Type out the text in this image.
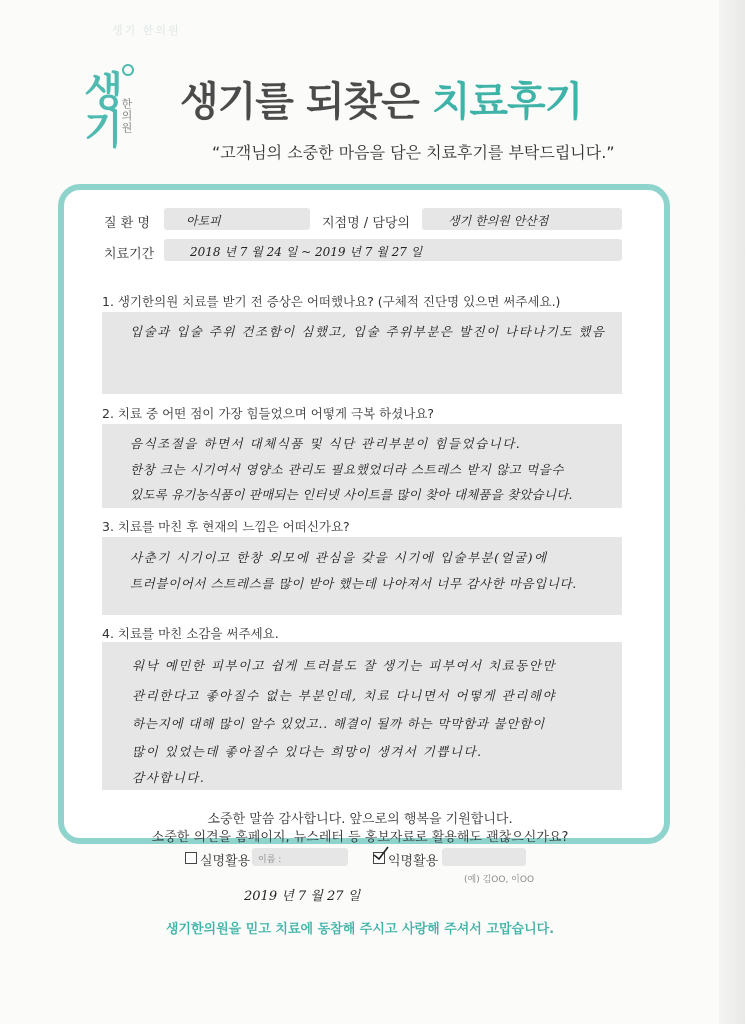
생기 한의원
생기
한의원 생기를 되찾은 치료후기
“고객님의 소중한 마음을 담은 치료후기를 부탁드립니다.”
질 환 명	아토피	지점명 / 담당의	생기 한의원 안산점
치료기간	2018 년 7 월 24 일 ~ 2019 년 7 월 27 일
1. 생기한의원 치료를 받기 전 증상은 어떠했나요? (구체적 진단명 있으면 써주세요.)
입술과 입술 주위 건조함이 심했고, 입술 주위부분은 발진이 나타나기도 했음
2. 치료 중 어떤 점이 가장 힘들었으며 어떻게 극복 하셨나요?
음식조절을 하면서 대체식품 및 식단 관리부분이 힘들었습니다.
한창 크는 시기여서 영양소 관리도 필요했었더라 스트레스 받지 않고 먹을수
있도록 유기농식품이 판매되는 인터넷 사이트를 많이 찾아 대체품을 찾았습니다.
3. 치료를 마친 후 현재의 느낌은 어떠신가요?
사춘기 시기이고 한창 외모에 관심을 갖을 시기에 입술부분(얼굴)에
트러블이어서 스트레스를 많이 받아 했는데 나아져서 너무 감사한 마음입니다.
4. 치료를 마친 소감을 써주세요.
워낙 예민한 피부이고 쉽게 트러블도 잘 생기는 피부여서 치료동안만
관리한다고 좋아질수 없는 부분인데, 치료 다니면서 어떻게 관리해야
하는지에 대해 많이 알수 있었고.. 해결이 될까 하는 막막함과 불안함이
많이 있었는데 좋아질수 있다는 희망이 생겨서 기쁩니다.
감사합니다.
소중한 말씀 감사합니다. 앞으로의 행복을 기원합니다.
소중한 의견을 홈페이지, 뉴스레터 등 홍보자료로 활용해도 괜찮으신가요?
실명활용 이름 :	익명활용
(예) 김OO, 이OO
2019 년 7 월 27 일
생기한의원을 믿고 치료에 동참해 주시고 사랑해 주셔서 고맙습니다.
